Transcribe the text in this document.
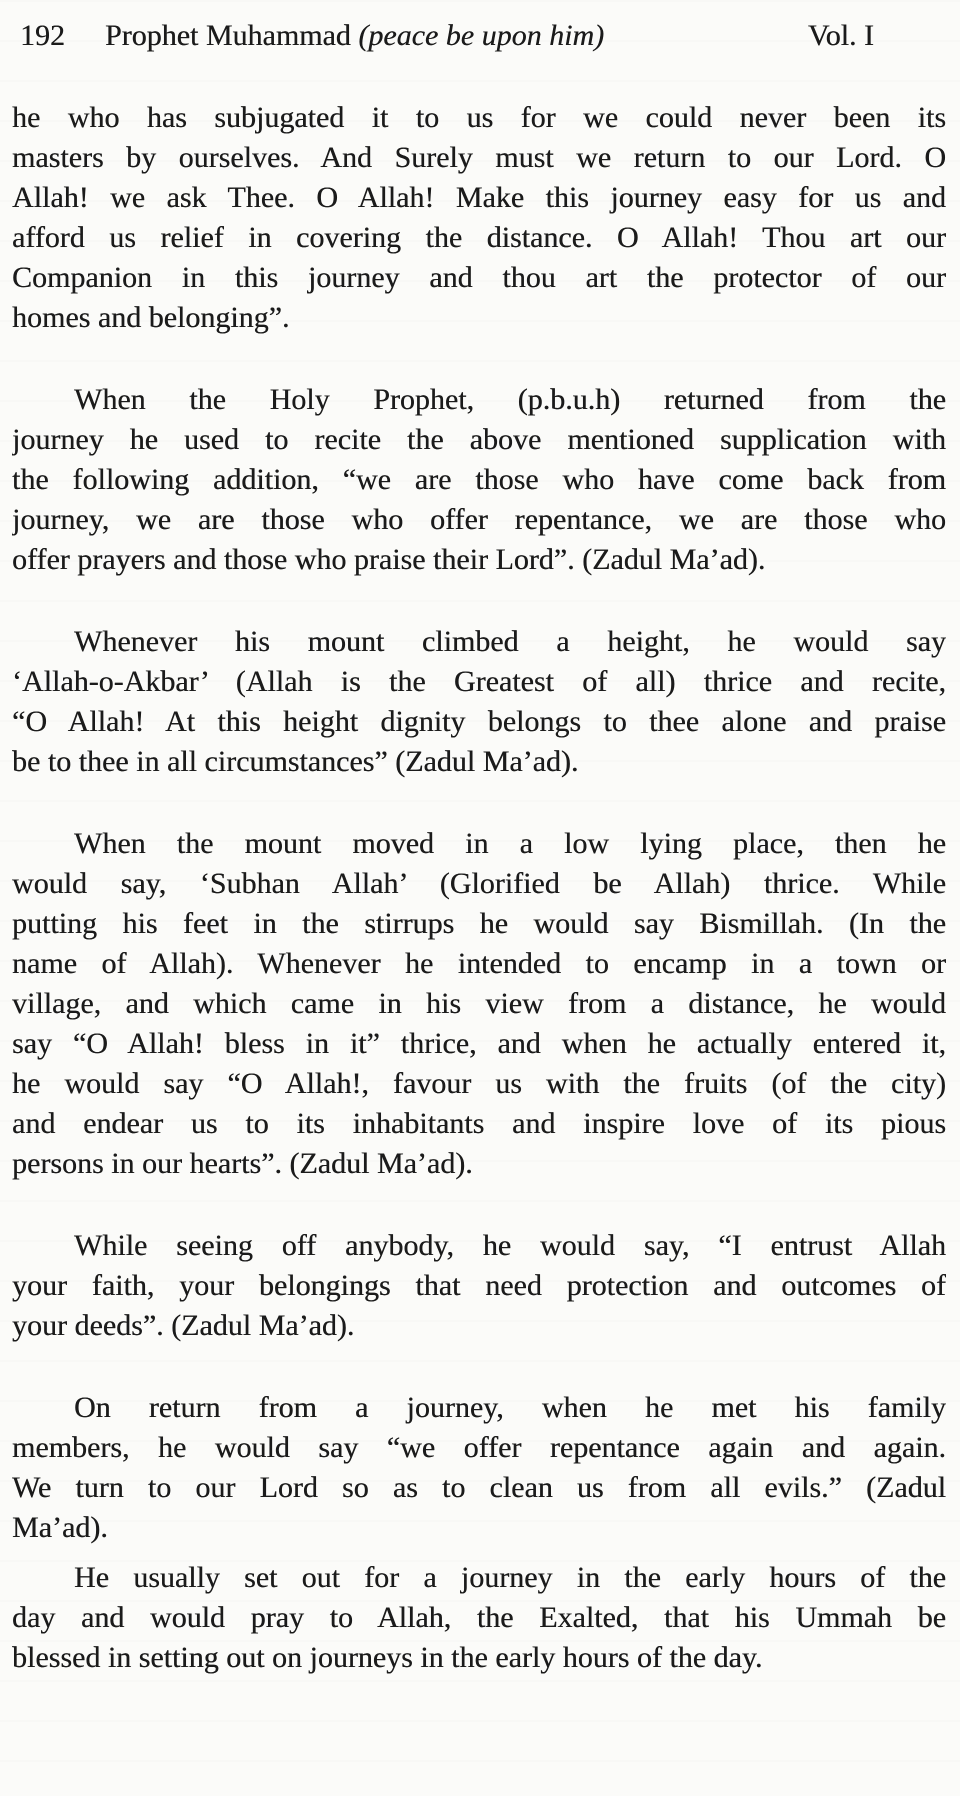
192 Prophet Muhammad (peace be upon him)	Vol. I
he who has subjugated it to us for we could never been its
masters by ourselves. And Surely must we return to our Lord. O
Allah! we ask Thee. O Allah! Make this journey easy for us and
afford us relief in covering the distance. O Allah! Thou art our
Companion in this journey and thou art the protector of our
homes and belonging”.
When the Holy Prophet, (p.b.u.h) returned from the
journey he used to recite the above mentioned supplication with
the following addition, “we are those who have come back from
journey, we are those who offer repentance, we are those who
offer prayers and those who praise their Lord”. (Zadul Ma’ad).
Whenever his mount climbed a height, he would say
‘Allah-o-Akbar’ (Allah is the Greatest of all) thrice and recite,
“O Allah! At this height dignity belongs to thee alone and praise
be to thee in all circumstances” (Zadul Ma’ad).
When the mount moved in a low lying place, then he
would say, ‘Subhan Allah’ (Glorified be Allah) thrice. While
putting his feet in the stirrups he would say Bismillah. (In the
name of Allah). Whenever he intended to encamp in a town or
village, and which came in his view from a distance, he would
say “O Allah! bless in it” thrice, and when he actually entered it,
he would say “O Allah!, favour us with the fruits (of the city)
and endear us to its inhabitants and inspire love of its pious
persons in our hearts”. (Zadul Ma’ad).
While seeing off anybody, he would say, “I entrust Allah
your faith, your belongings that need protection and outcomes of
your deeds”. (Zadul Ma’ad).
On return from a journey, when he met his family
members, he would say “we offer repentance again and again.
We turn to our Lord so as to clean us from all evils.” (Zadul
Ma’ad).
He usually set out for a journey in the early hours of the
day and would pray to Allah, the Exalted, that his Ummah be
blessed in setting out on journeys in the early hours of the day.
